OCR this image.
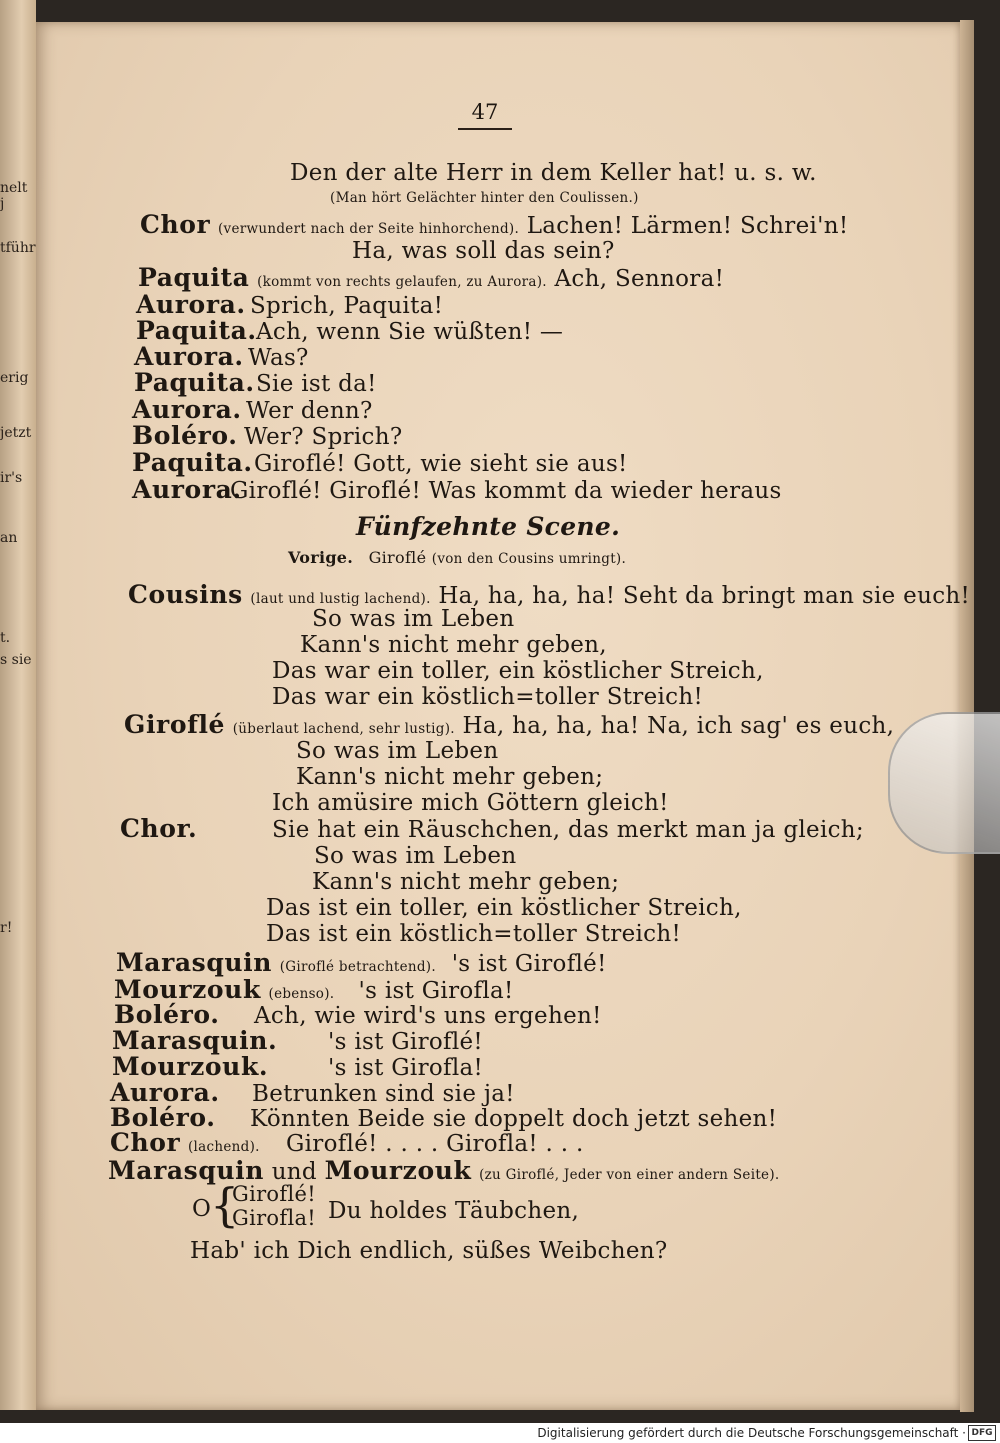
nelt j
tführ
erig
jetzt
ir's
an
t.
s sie
r!
47
Den der alte Herr in dem Keller hat! u. s. w.
(Man hört Gelächter hinter den Coulissen.)
Chor (verwundert nach der Seite hinhorchend). Lachen! Lärmen! Schrei'n!
Ha, was soll das sein?
Paquita (kommt von rechts gelaufen, zu Aurora). Ach, Sennora!
Aurora. Sprich, Paquita!
Paquita.Ach, wenn Sie wüßten! —
Aurora. Was?
Paquita.Sie ist da!
Aurora. Wer denn?
Boléro. Wer? Sprich?
Paquita.Giroflé! Gott, wie sieht sie aus!
Aurora.Giroflé! Giroflé! Was kommt da wieder heraus
Fünfzehnte Scene.
Vorige. Giroflé (von den Cousins umringt).
Cousins (laut und lustig lachend). Ha, ha, ha, ha! Seht da bringt man sie euch!
So was im Leben
Kann's nicht mehr geben,
Das war ein toller, ein köstlicher Streich,
Das war ein köstlich=toller Streich!
Giroflé (überlaut lachend, sehr lustig). Ha, ha, ha, ha! Na, ich sag' es euch,
So was im Leben
Kann's nicht mehr geben;
Ich amüsire mich Göttern gleich!
Chor.	Sie hat ein Räuschchen, das merkt man ja gleich;
So was im Leben
Kann's nicht mehr geben;
Das ist ein toller, ein köstlicher Streich,
Das ist ein köstlich=toller Streich!
Marasquin (Giroflé betrachtend). 's ist Giroflé!
Mourzouk (ebenso). 's ist Girofla!
Boléro. Ach, wie wird's uns ergehen!
Marasquin. 's ist Giroflé!
Mourzouk.	's ist Girofla!
Aurora. Betrunken sind sie ja!
Boléro. Könnten Beide sie doppelt doch jetzt sehen!
Chor (lachend). Giroflé! . . . . Girofla! . . .
Marasquin und Mourzouk (zu Giroflé, Jeder von einer andern Seite).
O
{
Giroflé!
Girofla! Du holdes Täubchen,
Hab' ich Dich endlich, süßes Weibchen?
Digitalisierung gefördert durch die Deutsche Forschungsgemeinschaft · DFG
